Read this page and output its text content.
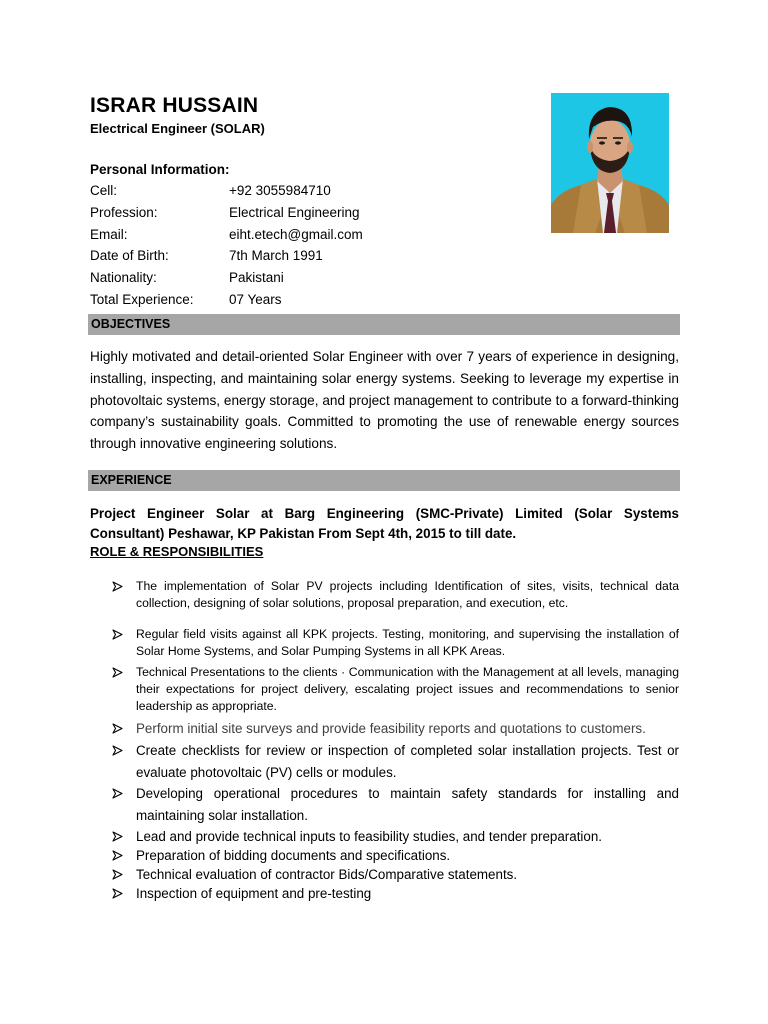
ISRAR HUSSAIN
Electrical Engineer (SOLAR)
Personal Information:
Cell:	+92 3055984710
Profession:	Electrical Engineering
Email:	eiht.etech@gmail.com
Date of Birth:	7th March 1991
Nationality:	Pakistani
Total Experience:	07 Years
OBJECTIVES
Highly motivated and detail-oriented Solar Engineer with over 7 years of experience in designing, installing, inspecting, and maintaining solar energy systems. Seeking to leverage my expertise in photovoltaic systems, energy storage, and project management to contribute to a forward-thinking company’s sustainability goals. Committed to promoting the use of renewable energy sources through innovative engineering solutions.
EXPERIENCE
Project Engineer Solar at Barg Engineering (SMC-Private) Limited (Solar Systems Consultant) Peshawar, KP Pakistan From Sept 4th, 2015 to till date.
ROLE & RESPONSIBILITIES
The implementation of Solar PV projects including Identification of sites, visits, technical data collection, designing of solar solutions, proposal preparation, and execution, etc.
Regular field visits against all KPK projects. Testing, monitoring, and supervising the installation of Solar Home Systems, and Solar Pumping Systems in all KPK Areas.
Technical Presentations to the clients · Communication with the Management at all levels, managing their expectations for project delivery, escalating project issues and recommendations to senior leadership as appropriate.
Perform initial site surveys and provide feasibility reports and quotations to customers.
Create checklists for review or inspection of completed solar installation projects. Test or evaluate photovoltaic (PV) cells or modules.
Developing operational procedures to maintain safety standards for installing and maintaining solar installation.
Lead and provide technical inputs to feasibility studies, and tender preparation.
Preparation of bidding documents and specifications.
Technical evaluation of contractor Bids/Comparative statements.
Inspection of equipment and pre-testing
